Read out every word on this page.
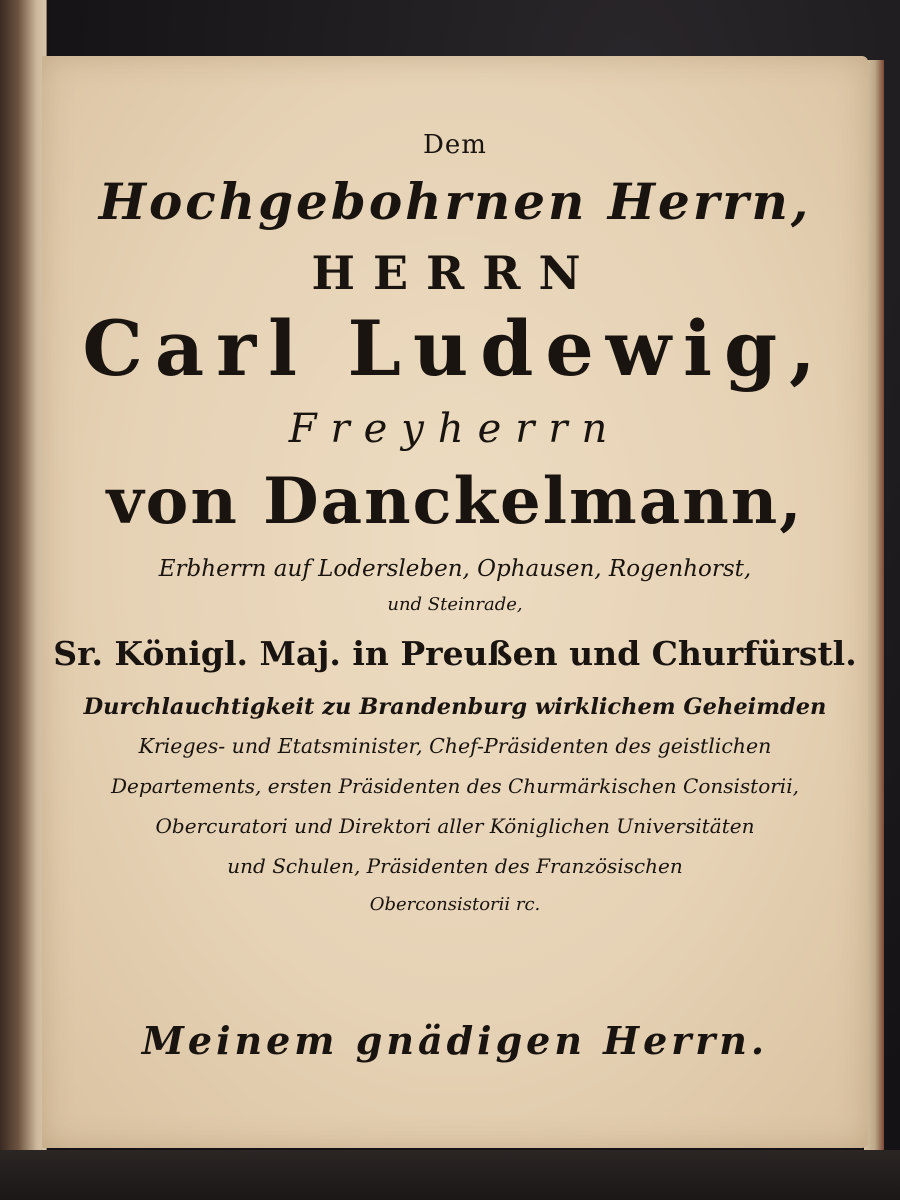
Dem
Hochgebohrnen Herrn,
HERRN
Carl Ludewig,
Freyherrn
von Danckelmann,
Erbherrn auf Lodersleben, Ophausen, Rogenhorst,
und Steinrade,
Sr. Königl. Maj. in Preußen und Churfürstl.
Durchlauchtigkeit zu Brandenburg wirklichem Geheimden
Krieges- und Etatsminister, Chef-Präsidenten des geistlichen
Departements, ersten Präsidenten des Churmärkischen Consistorii,
Obercuratori und Direktori aller Königlichen Universitäten
und Schulen, Präsidenten des Französischen
Oberconsistorii rc.
Meinem gnädigen Herrn.
